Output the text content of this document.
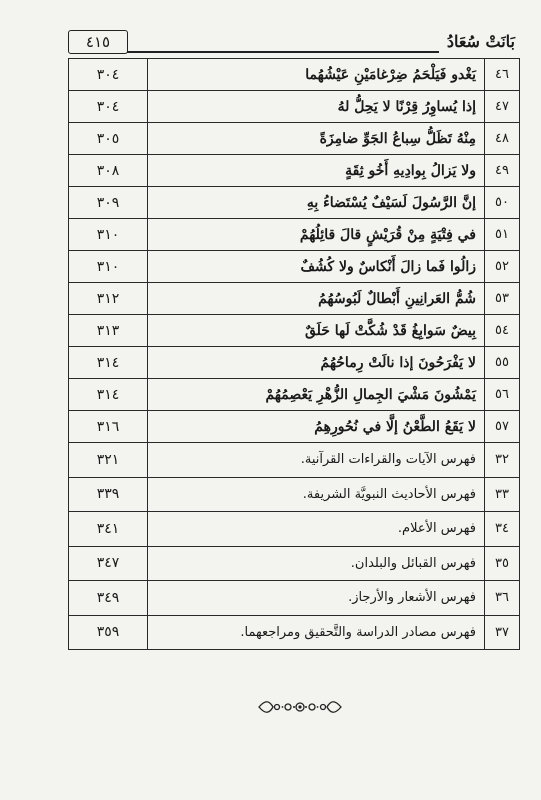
٤١٥	بَانَتْ سُعَادُ
٣٠٤	يَغْدو فَيَلْحَمُ ضِرْغامَيْنِ عَيْشُهُما	٤٦
٣٠٤	إذا يُساوِرُ قِرْنًا لا يَحِلُّ لهُ	٤٧
٣٠٥	مِنْهُ تَظَلُّ سِباعُ الجَوِّ ضامِزَةً	٤٨
٣٠٨	ولا يَزالُ بِوادِيهِ أَخُو ثِقَةٍ	٤٩
٣٠٩	إنَّ الرَّسُولَ لَسَيْفٌ يُسْتَضاءُ بِهِ	٥٠
٣١٠	في فِتْيَةٍ مِنْ قُرَيْشٍ قالَ قائِلُهُمْ	٥١
٣١٠	زالُوا فَما زالَ أَنْكاسٌ ولا كُشُفٌ	٥٢
٣١٢	شُمُّ العَرانِينِ أَبْطالٌ لَبُوسُهُمُ	٥٣
٣١٣	بِيضٌ سَوابِغُ قَدْ شُكَّتْ لَها حَلَقٌ	٥٤
٣١٤	لا يَفْرَحُونَ إذا نالَتْ رِماحُهُمُ	٥٥
٣١٤	يَمْشُونَ مَشْيَ الجِمالِ الزُّهْرِ يَعْصِمُهُمْ	٥٦
٣١٦	لا يَقَعُ الطَّعْنُ إلَّا في نُحُورِهِمُ	٥٧
٣٢١	فهرس الآيات والقراءات القرآنية.	٣٢
٣٣٩	فهرس الأحاديث النبويَّة الشريفة.	٣٣
٣٤١	فهرس الأعلام.	٣٤
٣٤٧	فهرس القبائل والبلدان.	٣٥
٣٤٩	فهرس الأشعار والأرجاز.	٣٦
٣٥٩	فهرس مصادر الدراسة والتَّحقيق ومراجعهما.	٣٧
